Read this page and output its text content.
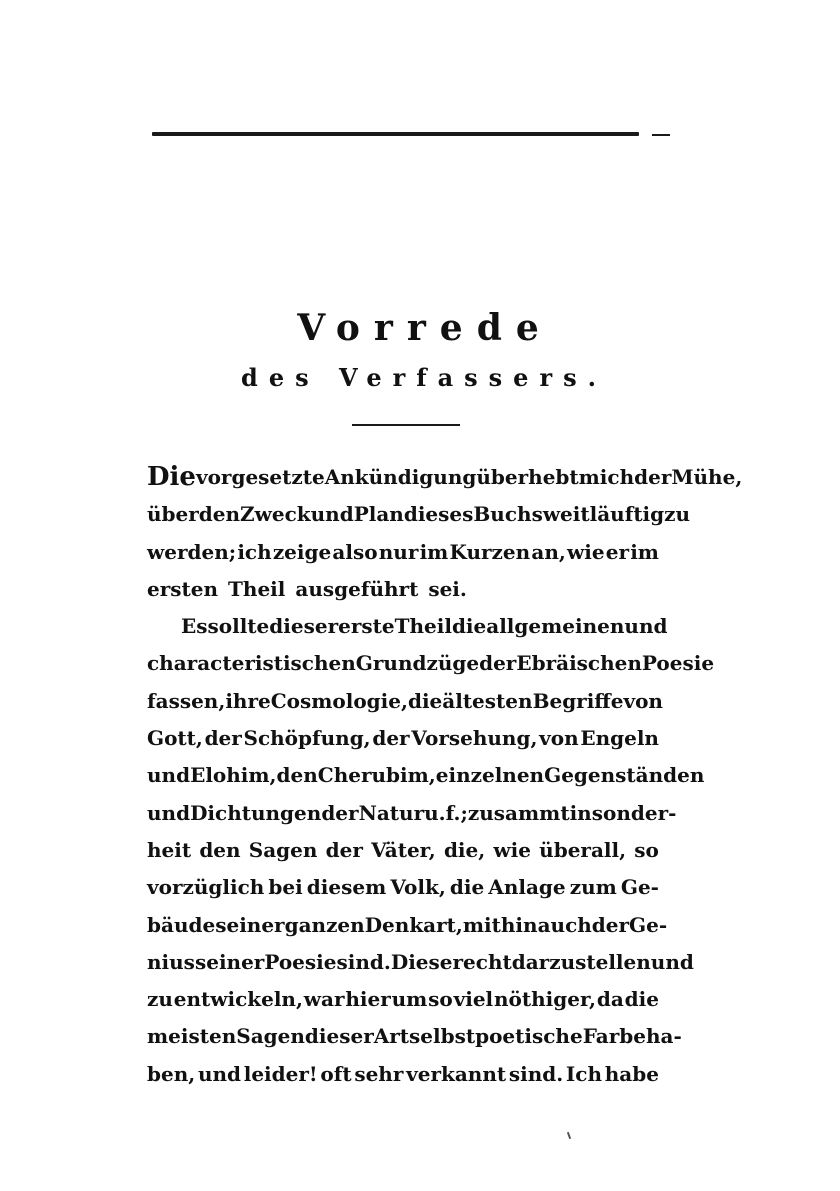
Vorrede
des Verfassers.
Die vorgesetzte Ankündigung überhebt mich der Mühe,
über den Zweck und Plan dieses Buchs weitläuftig zu
werden; ich zeige also nur im Kurzen an, wie er im
ersten Theil ausgeführt sei.
Es sollte dieser erste Theil die allgemeinen und
characteristischen Grundzüge der Ebräischen Poesie
fassen, ihre Cosmologie, die ältesten Begriffe von
Gott, der Schöpfung, der Vorsehung, von Engeln
und Elohim, den Cherubim, einzelnen Gegenständen
und Dichtungen der Natur u. f.; zusammt insonder-
heit den Sagen der Väter, die, wie überall, so
vorzüglich bei diesem Volk, die Anlage zum Ge-
bäude seiner ganzen Denkart, mithin auch der Ge-
nius seiner Poesie sind. Diese recht darzustellen und
zu entwickeln, war hier um so viel nöthiger, da die
meisten Sagen dieser Art selbst poetische Farbe ha-
ben, und leider! oft sehr verkannt sind. Ich habe
